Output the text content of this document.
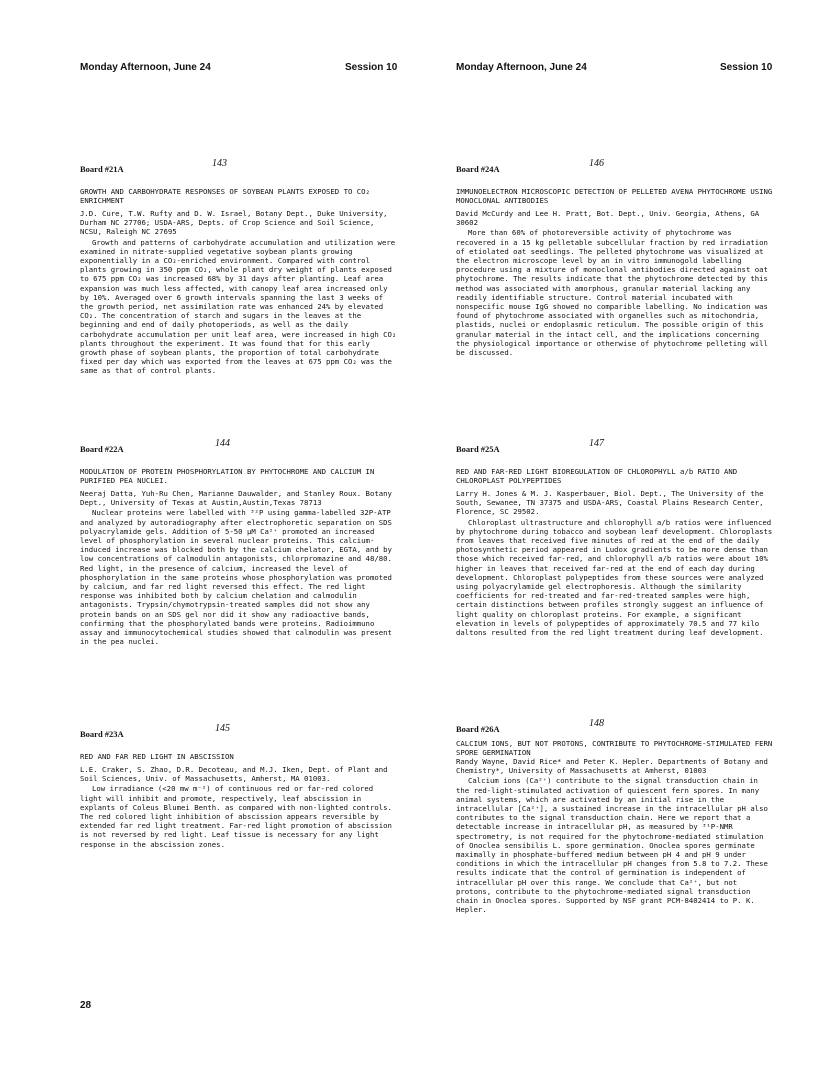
Monday Afternoon, June 24	Session 10	Monday Afternoon, June 24	Session 10
Board #21A	143
GROWTH AND CARBOHYDRATE RESPONSES OF SOYBEAN PLANTS EXPOSED TO CO₂ ENRICHMENT
J.D. Cure, T.W. Rufty and D. W. Israel, Botany Dept., Duke University, Durham NC 27706; USDA-ARS, Depts. of Crop Science and Soil Science, NCSU, Raleigh NC 27695
Growth and patterns of carbohydrate accumulation and utilization were examined in nitrate-supplied vegetative soybean plants growing exponentially in a CO₂-enriched environment. Compared with control plants growing in 350 ppm CO₂, whole plant dry weight of plants exposed to 675 ppm CO₂ was increased 68% by 31 days after planting. Leaf area expansion was much less affected, with canopy leaf area increased only by 10%. Averaged over 6 growth intervals spanning the last 3 weeks of the growth period, net assimilation rate was enhanced 24% by elevated CO₂. The concentration of starch and sugars in the leaves at the beginning and end of daily photoperiods, as well as the daily carbohydrate accumulation per unit leaf area, were increased in high CO₂ plants throughout the experiment. It was found that for this early growth phase of soybean plants, the proportion of total carbohydrate fixed per day which was exported from the leaves at 675 ppm CO₂ was the same as that of control plants.
Board #24A	146
IMMUNOELECTRON MICROSCOPIC DETECTION OF PELLETED AVENA PHYTOCHROME USING MONOCLONAL ANTIBODIES
David McCurdy and Lee H. Pratt, Bot. Dept., Univ. Georgia, Athens, GA 30602
More than 60% of photoreversible activity of phytochrome was recovered in a 15 kg pelletable subcellular fraction by red irradiation of etiolated oat seedlings. The pelleted phytochrome was visualized at the electron microscope level by an in vitro immunogold labelling procedure using a mixture of monoclonal antibodies directed against oat phytochrome. The results indicate that the phytochrome detected by this method was associated with amorphous, granular material lacking any readily identifiable structure. Control material incubated with nonspecific mouse IgG showed no comparible labelling. No indication was found of phytochrome associated with organelles such as mitochondria, plastids, nuclei or endoplasmic reticulum. The possible origin of this granular material in the intact cell, and the implications concerning the physiological importance or otherwise of phytochrome pelleting will be discussed.
Board #22A	144
MODULATION OF PROTEIN PHOSPHORYLATION BY PHYTOCHROME AND CALCIUM IN PURIFIED PEA NUCLEI.
Neeraj Datta, Yuh-Ru Chen, Marianne Dauwalder, and Stanley Roux. Botany Dept., University of Texas at Austin,Austin,Texas 78713
Nuclear proteins were labelled with ³²P using gamma-labelled 32P-ATP and analyzed by autoradiography after electrophoretic separation on SDS polyacrylamide gels. Addition of 5-50 µM Ca²⁺ promoted an increased level of phosphorylation in several nuclear proteins. This calcium-induced increase was blocked both by the calcium chelator, EGTA, and by low concentrations of calmodulin antagonists, chlorpromazine and 48/80. Red light, in the presence of calcium, increased the level of phosphorylation in the same proteins whose phosphorylation was promoted by calcium, and far red light reversed this effect. The red light response was inhibited both by calcium chelation and calmodulin antagonists. Trypsin/chymotrypsin-treated samples did not show any protein bands on an SDS gel nor did it show any radioactive bands, confirming that the phosphorylated bands were proteins. Radioimmuno assay and immunocytochemical studies showed that calmodulin was present in the pea nuclei.
Board #25A	147
RED AND FAR-RED LIGHT BIOREGULATION OF CHLOROPHYLL a/b RATIO AND CHLOROPLAST POLYPEPTIDES
Larry H. Jones & M. J. Kasperbauer, Biol. Dept., The University of the South, Sewanee, TN 37375 and USDA-ARS, Coastal Plains Research Center, Florence, SC 29502.
Chloroplast ultrastructure and chlorophyll a/b ratios were influenced by phytochrome during tobacco and soybean leaf development. Chloroplasts from leaves that received five minutes of red at the end of the daily photosynthetic period appeared in Ludox gradients to be more dense than those which received far-red, and chlorophyll a/b ratios were about 10% higher in leaves that received far-red at the end of each day during development. Chloroplast polypeptides from these sources were analyzed using polyacrylamide gel electrophoresis. Although the similarity coefficients for red-treated and far-red-treated samples were high, certain distinctions between profiles strongly suggest an influence of light quality on chloroplast proteins. For example, a significant elevation in levels of polypeptides of approximately 70.5 and 77 kilo daltons resulted from the red light treatment during leaf development.
Board #23A	145
RED AND FAR RED LIGHT IN ABSCISSION
L.E. Craker, S. Zhao, D.R. Decoteau, and M.J. Iken, Dept. of Plant and Soil Sciences, Univ. of Massachusetts, Amherst, MA 01003.
Low irradiance (<20 mw m⁻²) of continuous red or far-red colored light will inhibit and promote, respectively, leaf abscission in explants of Coleus Blumei Benth. as compared with non-lighted controls. The red colored light inhibition of abscission appears reversible by extended far red light treatment. Far-red light promotion of abscission is not reversed by red light. Leaf tissue is necessary for any light response in the abscission zones.
Board #26A	148
CALCIUM IONS, BUT NOT PROTONS, CONTRIBUTE TO PHYTOCHROME-STIMULATED FERN SPORE GERMINATION
Randy Wayne, David Rice* and Peter K. Hepler. Departments of Botany and Chemistry*, University of Massachusetts at Amherst, 01003
Calcium ions (Ca²⁺) contribute to the signal transduction chain in the red-light-stimulated activation of quiescent fern spores. In many animal systems, which are activated by an initial rise in the intracellular [Ca²⁺], a sustained increase in the intracellular pH also contributes to the signal transduction chain. Here we report that a detectable increase in intracellular pH, as measured by ³¹P-NMR spectrometry, is not required for the phytochrome-mediated stimulation of Onoclea sensibilis L. spore germination. Onoclea spores germinate maximally in phosphate-buffered medium between pH 4 and pH 9 under conditions in which the intracellular pH changes from 5.8 to 7.2. These results indicate that the control of germination is independent of intracellular pH over this range. We conclude that Ca²⁺, but not protons, contribute to the phytochrome-mediated signal transduction chain in Onoclea spores. Supported by NSF grant PCM-8402414 to P. K. Hepler.
28
